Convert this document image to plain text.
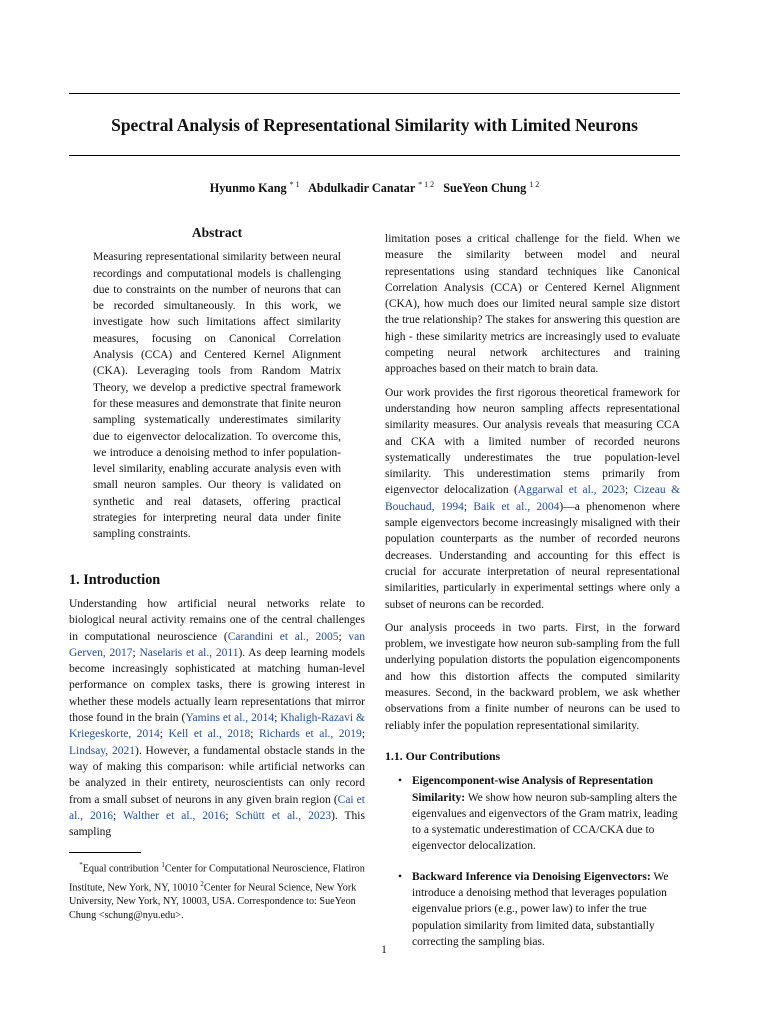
Spectral Analysis of Representational Similarity with Limited Neurons
Hyunmo Kang $^{* 1}$ Abdulkadir Canatar $^{* 1 2}$ SueYeon Chung $^{1 2}$
Abstract
Measuring representational similarity between neural recordings and computational models is challenging due to constraints on the number of neurons that can be recorded simultaneously. In this work, we investigate how such limitations affect similarity measures, focusing on Canonical Correlation Analysis (CCA) and Centered Kernel Alignment (CKA). Leveraging tools from Random Matrix Theory, we develop a predictive spectral framework for these measures and demonstrate that finite neuron sampling systematically underestimates similarity due to eigenvector delocalization. To overcome this, we introduce a denoising method to infer population-level similarity, enabling accurate analysis even with small neuron samples. Our theory is validated on synthetic and real datasets, offering practical strategies for interpreting neural data under finite sampling constraints.
1. Introduction

Understanding how artificial neural networks relate to biological neural activity remains one of the central challenges in computational neuroscience (Carandini et al., 2005; van Gerven, 2017; Naselaris et al., 2011). As deep learning models become increasingly sophisticated at matching human-level performance on complex tasks, there is growing interest in whether these models actually learn representations that mirror those found in the brain (Yamins et al., 2014; Khaligh-Razavi & Kriegeskorte, 2014; Kell et al., 2018; Richards et al., 2019; Lindsay, 2021). However, a fundamental obstacle stands in the way of making this comparison: while artificial networks can be analyzed in their entirety, neuroscientists can only record from a small subset of neurons in any given brain region (Cai et al., 2016; Walther et al., 2016; Schütt et al., 2023). This sampling

*Equal contribution $^1$Center for Computational Neuroscience, Flatiron Institute, New York, NY, 10010 $^2$Center for Neural Science, New York University, New York, NY, 10003, USA. Correspondence to: SueYeon Chung <schung@nyu.edu>.

limitation poses a critical challenge for the field. When we measure the similarity between model and neural representations using standard techniques like Canonical Correlation Analysis (CCA) or Centered Kernel Alignment (CKA), how much does our limited neural sample size distort the true relationship? The stakes for answering this question are high - these similarity metrics are increasingly used to evaluate competing neural network architectures and training approaches based on their match to brain data.

Our work provides the first rigorous theoretical framework for understanding how neuron sampling affects representational similarity measures. Our analysis reveals that measuring CCA and CKA with a limited number of recorded neurons systematically underestimates the true population-level similarity. This underestimation stems primarily from eigenvector delocalization (Aggarwal et al., 2023; Cizeau & Bouchaud, 1994; Baik et al., 2004)—a phenomenon where sample eigenvectors become increasingly misaligned with their population counterparts as the number of recorded neurons decreases. Understanding and accounting for this effect is crucial for accurate interpretation of neural representational similarities, particularly in experimental settings where only a subset of neurons can be recorded.

Our analysis proceeds in two parts. First, in the forward problem, we investigate how neuron sub-sampling from the full underlying population distorts the population eigencomponents and how this distortion affects the computed similarity measures. Second, in the backward problem, we ask whether observations from a finite number of neurons can be used to reliably infer the population representational similarity.

1.1. Our Contributions
• Eigencomponent-wise Analysis of Representation Similarity: We show how neuron sub-sampling alters the eigenvalues and eigenvectors of the Gram matrix, leading to a systematic underestimation of CCA/CKA due to eigenvector delocalization.
• Backward Inference via Denoising Eigenvectors: We introduce a denoising method that leverages population eigenvalue priors (e.g., power law) to infer the true population similarity from limited data, substantially correcting the sampling bias.
1
